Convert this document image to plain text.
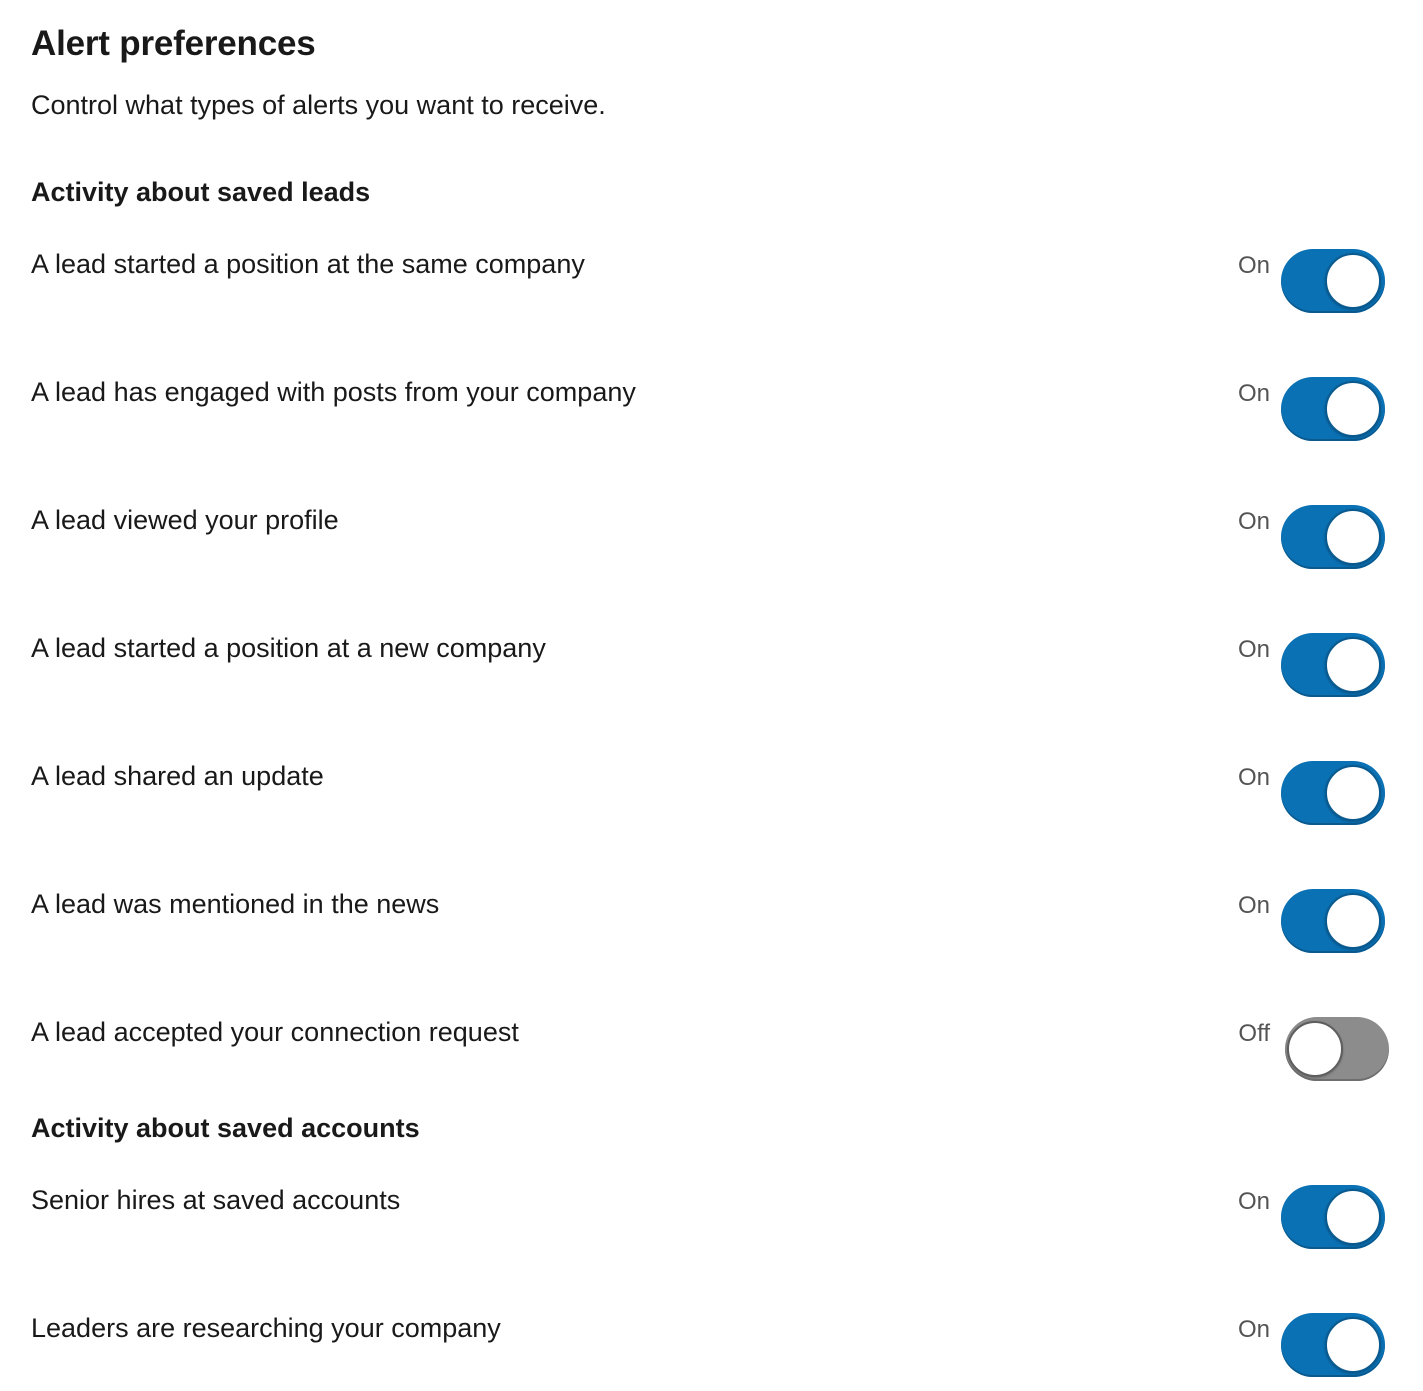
Alert preferences

Control what types of alerts you want to receive.

Activity about saved leads
A lead started a position at the same company	On
A lead has engaged with posts from your company	On
A lead viewed your profile	On
A lead started a position at a new company	On
A lead shared an update	On
A lead was mentioned in the news	On
A lead accepted your connection request	Off
Activity about saved accounts
Senior hires at saved accounts	On
Leaders are researching your company	On
